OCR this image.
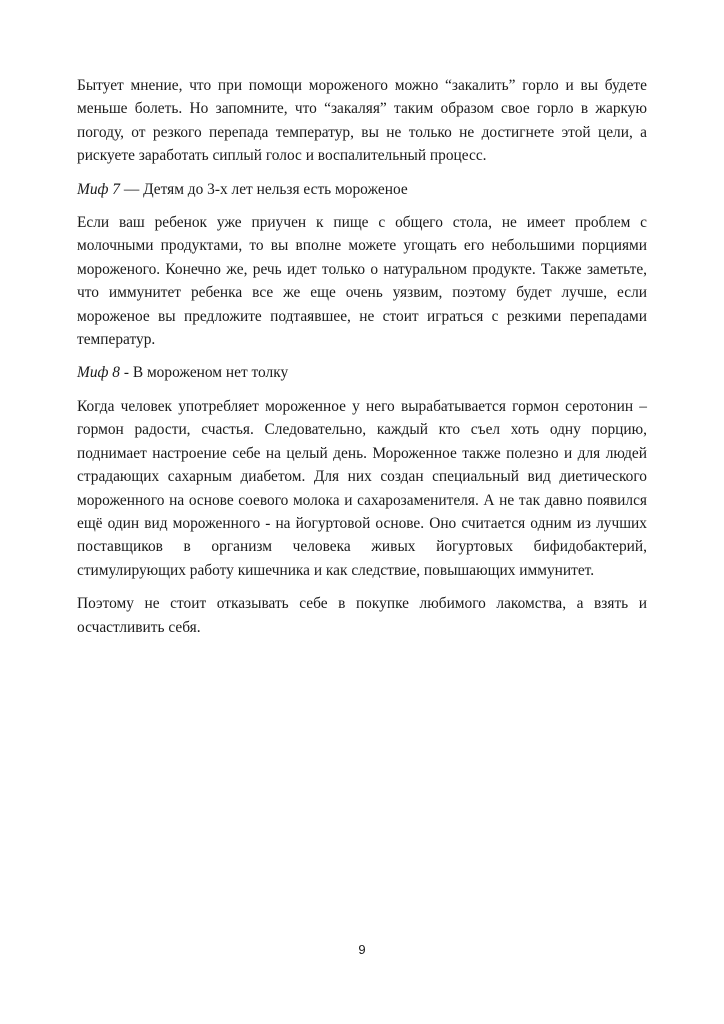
Бытует мнение, что при помощи мороженого можно “закалить” горло и вы будете меньше болеть. Но запомните, что “закаляя” таким образом свое горло в жаркую погоду, от резкого перепада температур, вы не только не достигнете этой цели, а рискуете заработать сиплый голос и воспалительный процесс.

Миф 7 — Детям до 3-х лет нельзя есть мороженое

Если ваш ребенок уже приучен к пище с общего стола, не имеет проблем с молочными продуктами, то вы вполне можете угощать его небольшими порциями мороженого. Конечно же, речь идет только о натуральном продукте. Также заметьте, что иммунитет ребенка все же еще очень уязвим, поэтому будет лучше, если мороженое вы предложите подтаявшее, не стоит играться с резкими перепадами температур.

Миф 8 - В мороженом нет толку

Когда человек употребляет мороженное у него вырабатывается гормон серотонин – гормон радости, счастья. Следовательно, каждый кто съел хоть одну порцию, поднимает настроение себе на целый день. Мороженное также полезно и для людей страдающих сахарным диабетом. Для них создан специальный вид диетического мороженного на основе соевого молока и сахарозаменителя. А не так давно появился ещё один вид мороженного - на йогуртовой основе. Оно считается одним из лучших поставщиков в организм человека живых йогуртовых бифидобактерий, стимулирующих работу кишечника и как следствие, повышающих иммунитет.

Поэтому не стоит отказывать себе в покупке любимого лакомства, а взять и осчастливить себя.

9
